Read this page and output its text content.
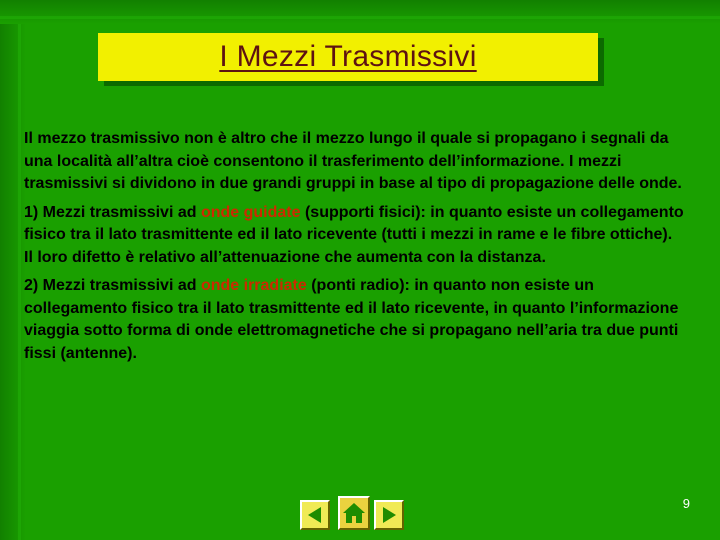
I Mezzi Trasmissivi

Il mezzo trasmissivo non è altro che il mezzo lungo il quale si propagano i segnali da una località all’altra cioè consentono il trasferimento dell’informazione. I mezzi trasmissivi si dividono in due grandi gruppi in base al tipo di propagazione delle onde.

1) Mezzi trasmissivi ad onde guidate (supporti fisici): in quanto esiste un collegamento fisico tra il lato trasmittente ed il lato ricevente (tutti i mezzi in rame e le fibre ottiche). Il loro difetto è relativo all’attenuazione che aumenta con la distanza.

2) Mezzi trasmissivi ad onde irradiate (ponti radio): in quanto non esiste un collegamento fisico tra il lato trasmittente ed il lato ricevente, in quanto l’informazione viaggia sotto forma di onde elettromagnetiche che si propagano nell’aria tra due punti fissi (antenne).

9
